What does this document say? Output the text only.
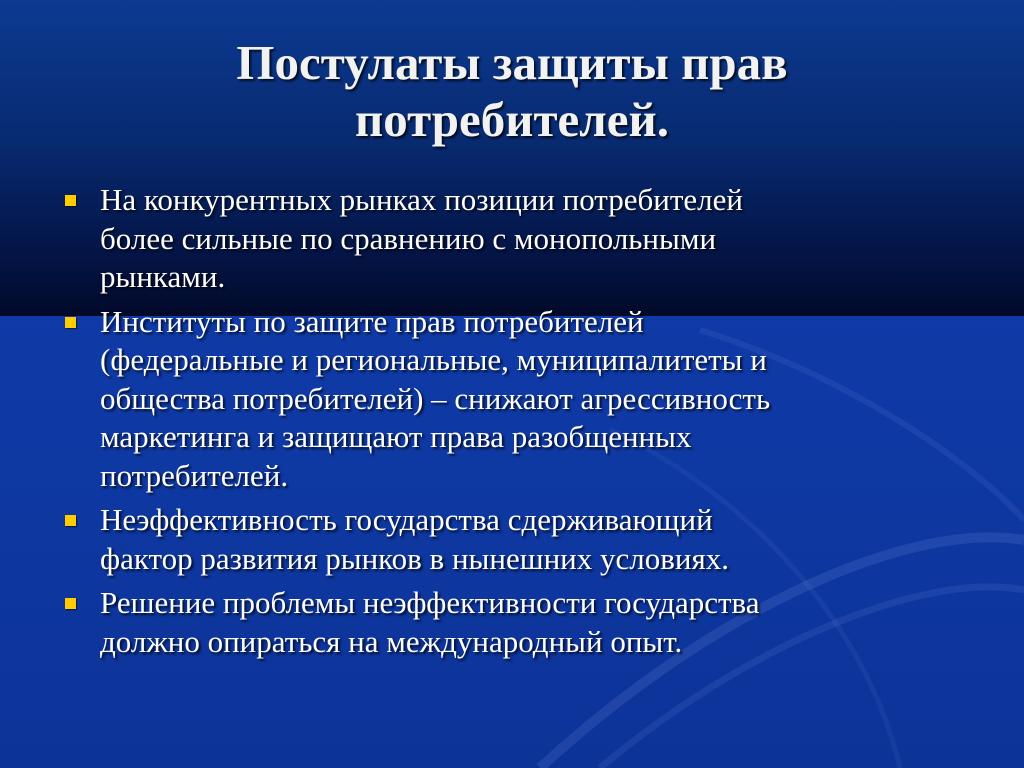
Постулаты защиты прав
потребителей.
На конкурентных рынках позиции потребителей
более сильные по сравнению с монопольными
рынками.
Институты по защите прав потребителей
(федеральные и региональные, муниципалитеты и
общества потребителей) – снижают агрессивность
маркетинга и защищают права разобщенных
потребителей.
Неэффективность государства сдерживающий
фактор развития рынков в нынешних условиях.
Решение проблемы неэффективности государства
должно опираться на международный опыт.
